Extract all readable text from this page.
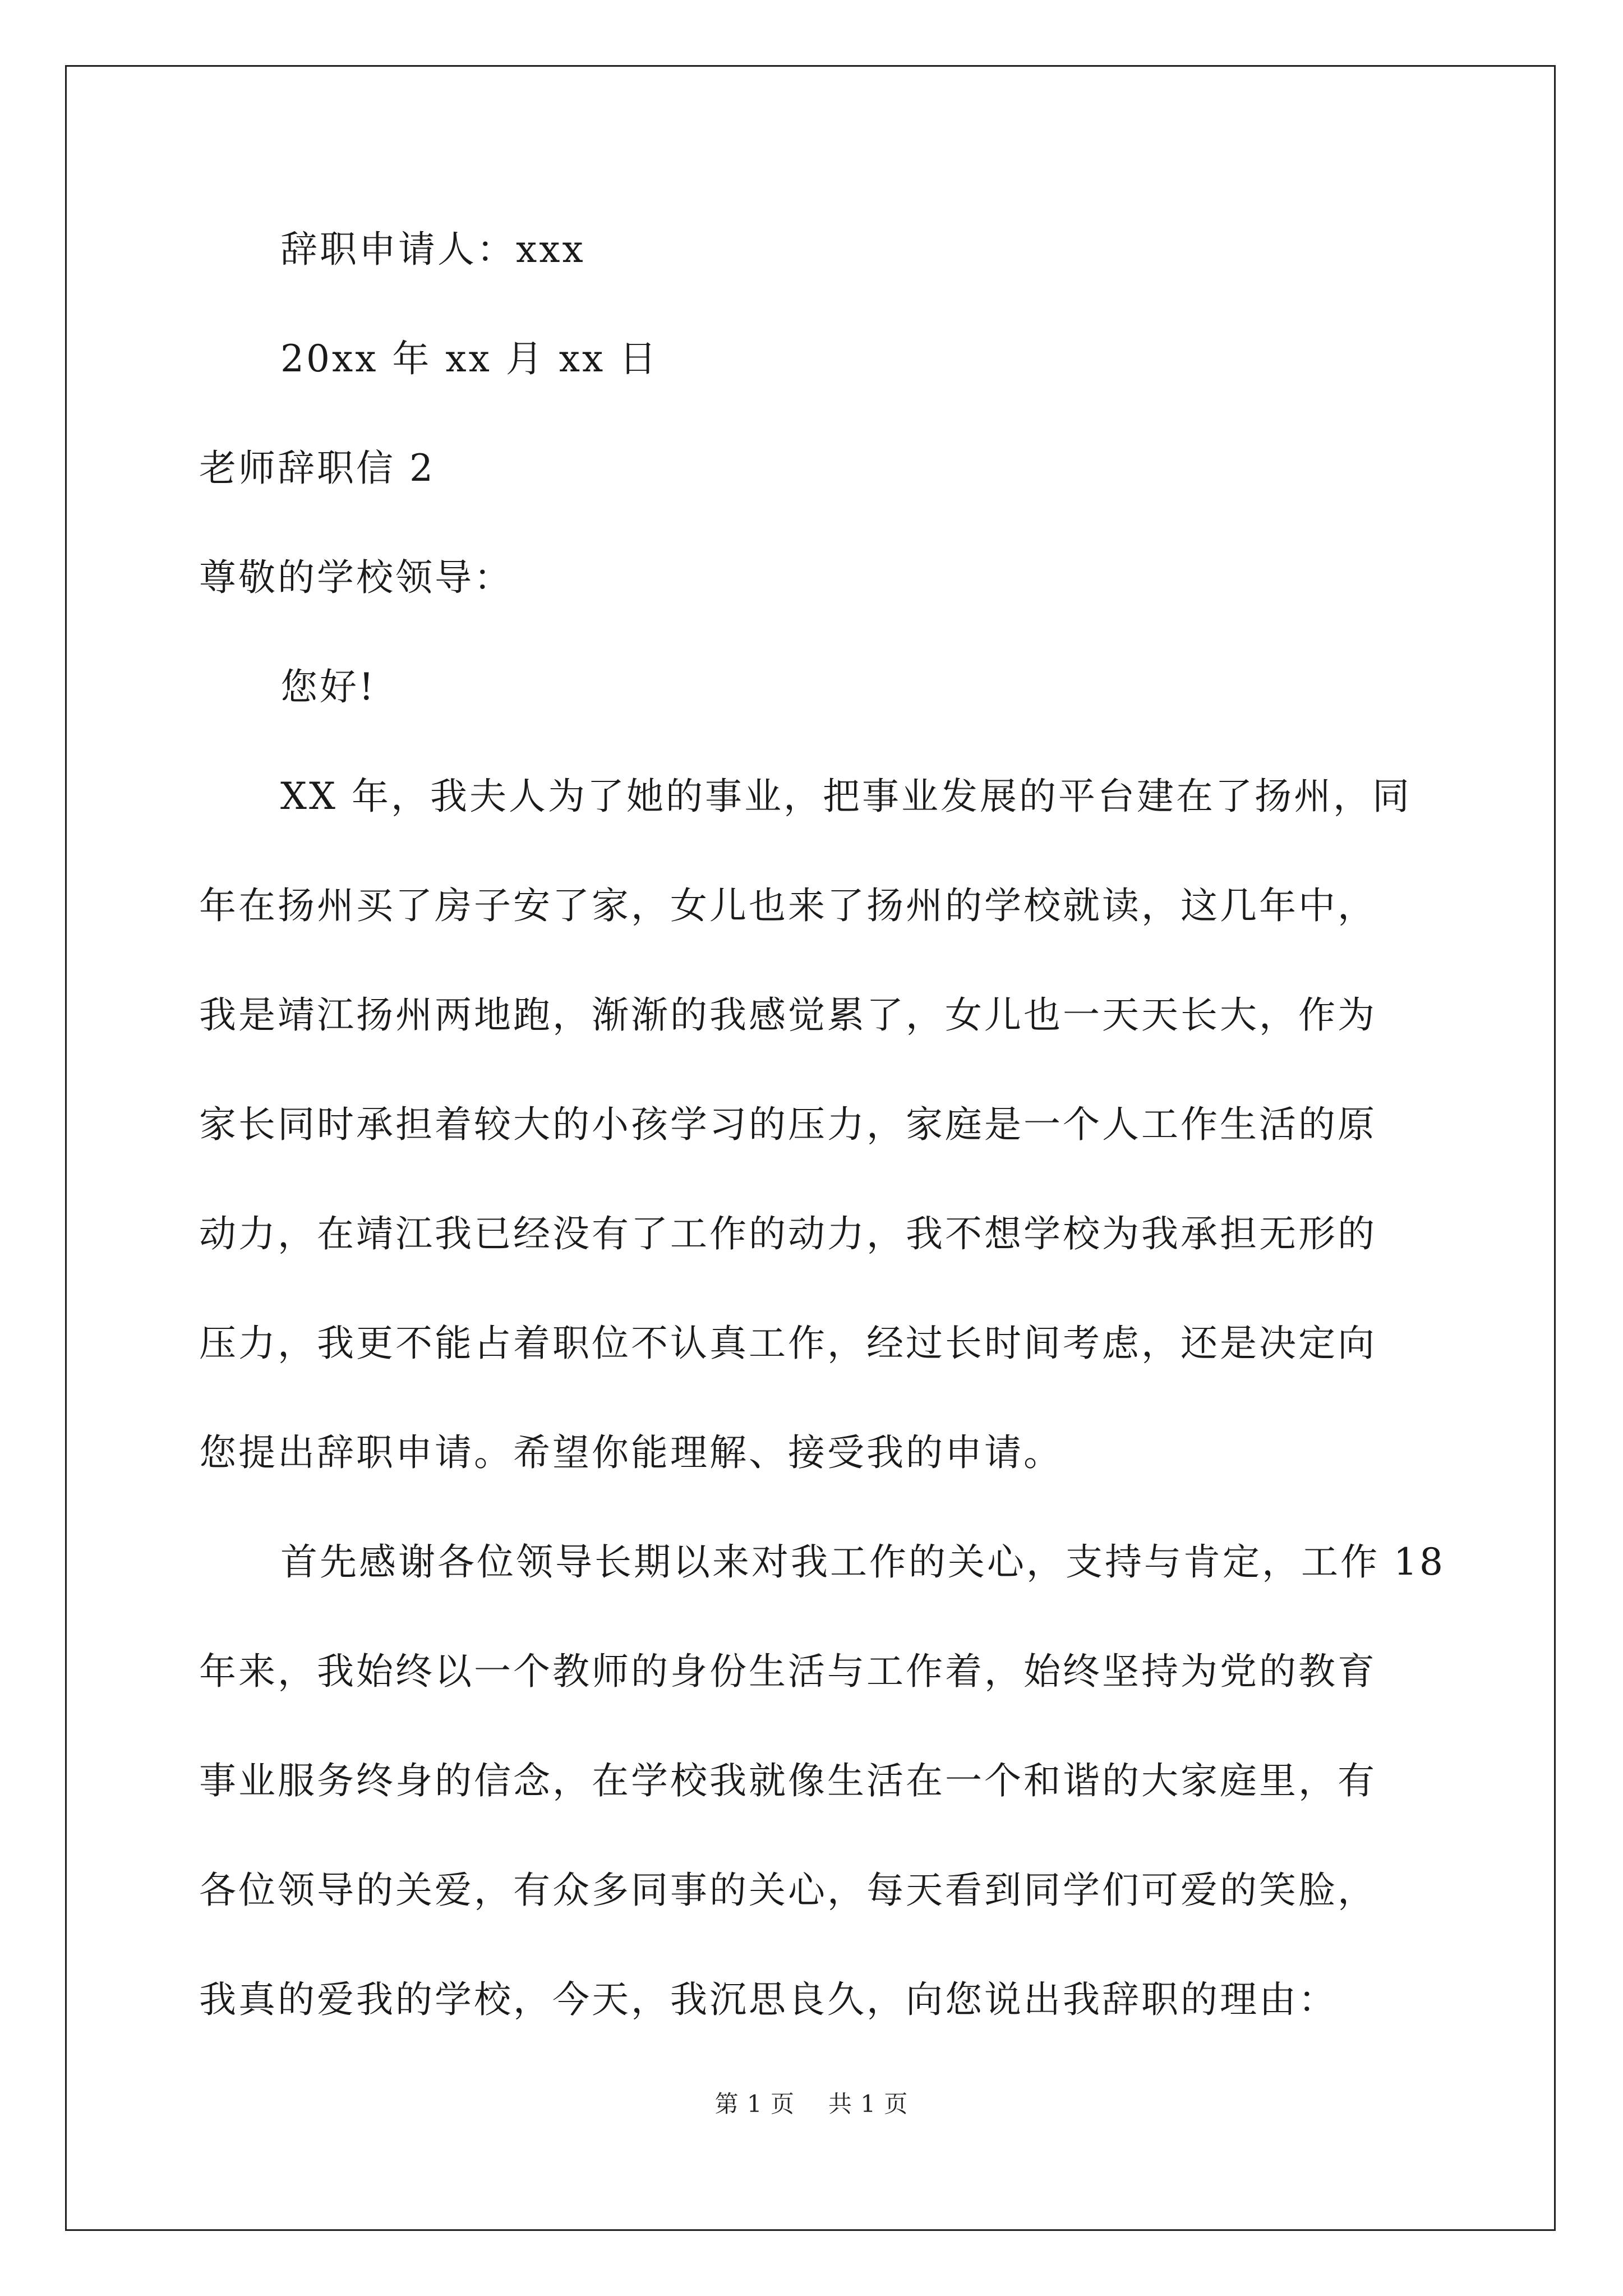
辞职申请人：xxx
20xx 年 xx 月 xx 日
老师辞职信 2
尊敬的学校领导：
您好!
XX 年，我夫人为了她的事业，把事业发展的平台建在了扬州，同
年在扬州买了房子安了家，女儿也来了扬州的学校就读，这几年中，
我是靖江扬州两地跑，渐渐的我感觉累了，女儿也一天天长大，作为
家长同时承担着较大的小孩学习的压力，家庭是一个人工作生活的原
动力，在靖江我已经没有了工作的动力，我不想学校为我承担无形的
压力，我更不能占着职位不认真工作，经过长时间考虑，还是决定向
您提出辞职申请。希望你能理解、接受我的申请。
首先感谢各位领导长期以来对我工作的关心，支持与肯定，工作 18
年来，我始终以一个教师的身份生活与工作着，始终坚持为党的教育
事业服务终身的信念，在学校我就像生活在一个和谐的大家庭里，有
各位领导的关爱，有众多同事的关心，每天看到同学们可爱的笑脸，
我真的爱我的学校，今天，我沉思良久，向您说出我辞职的理由：
第 1 页 共 1 页
